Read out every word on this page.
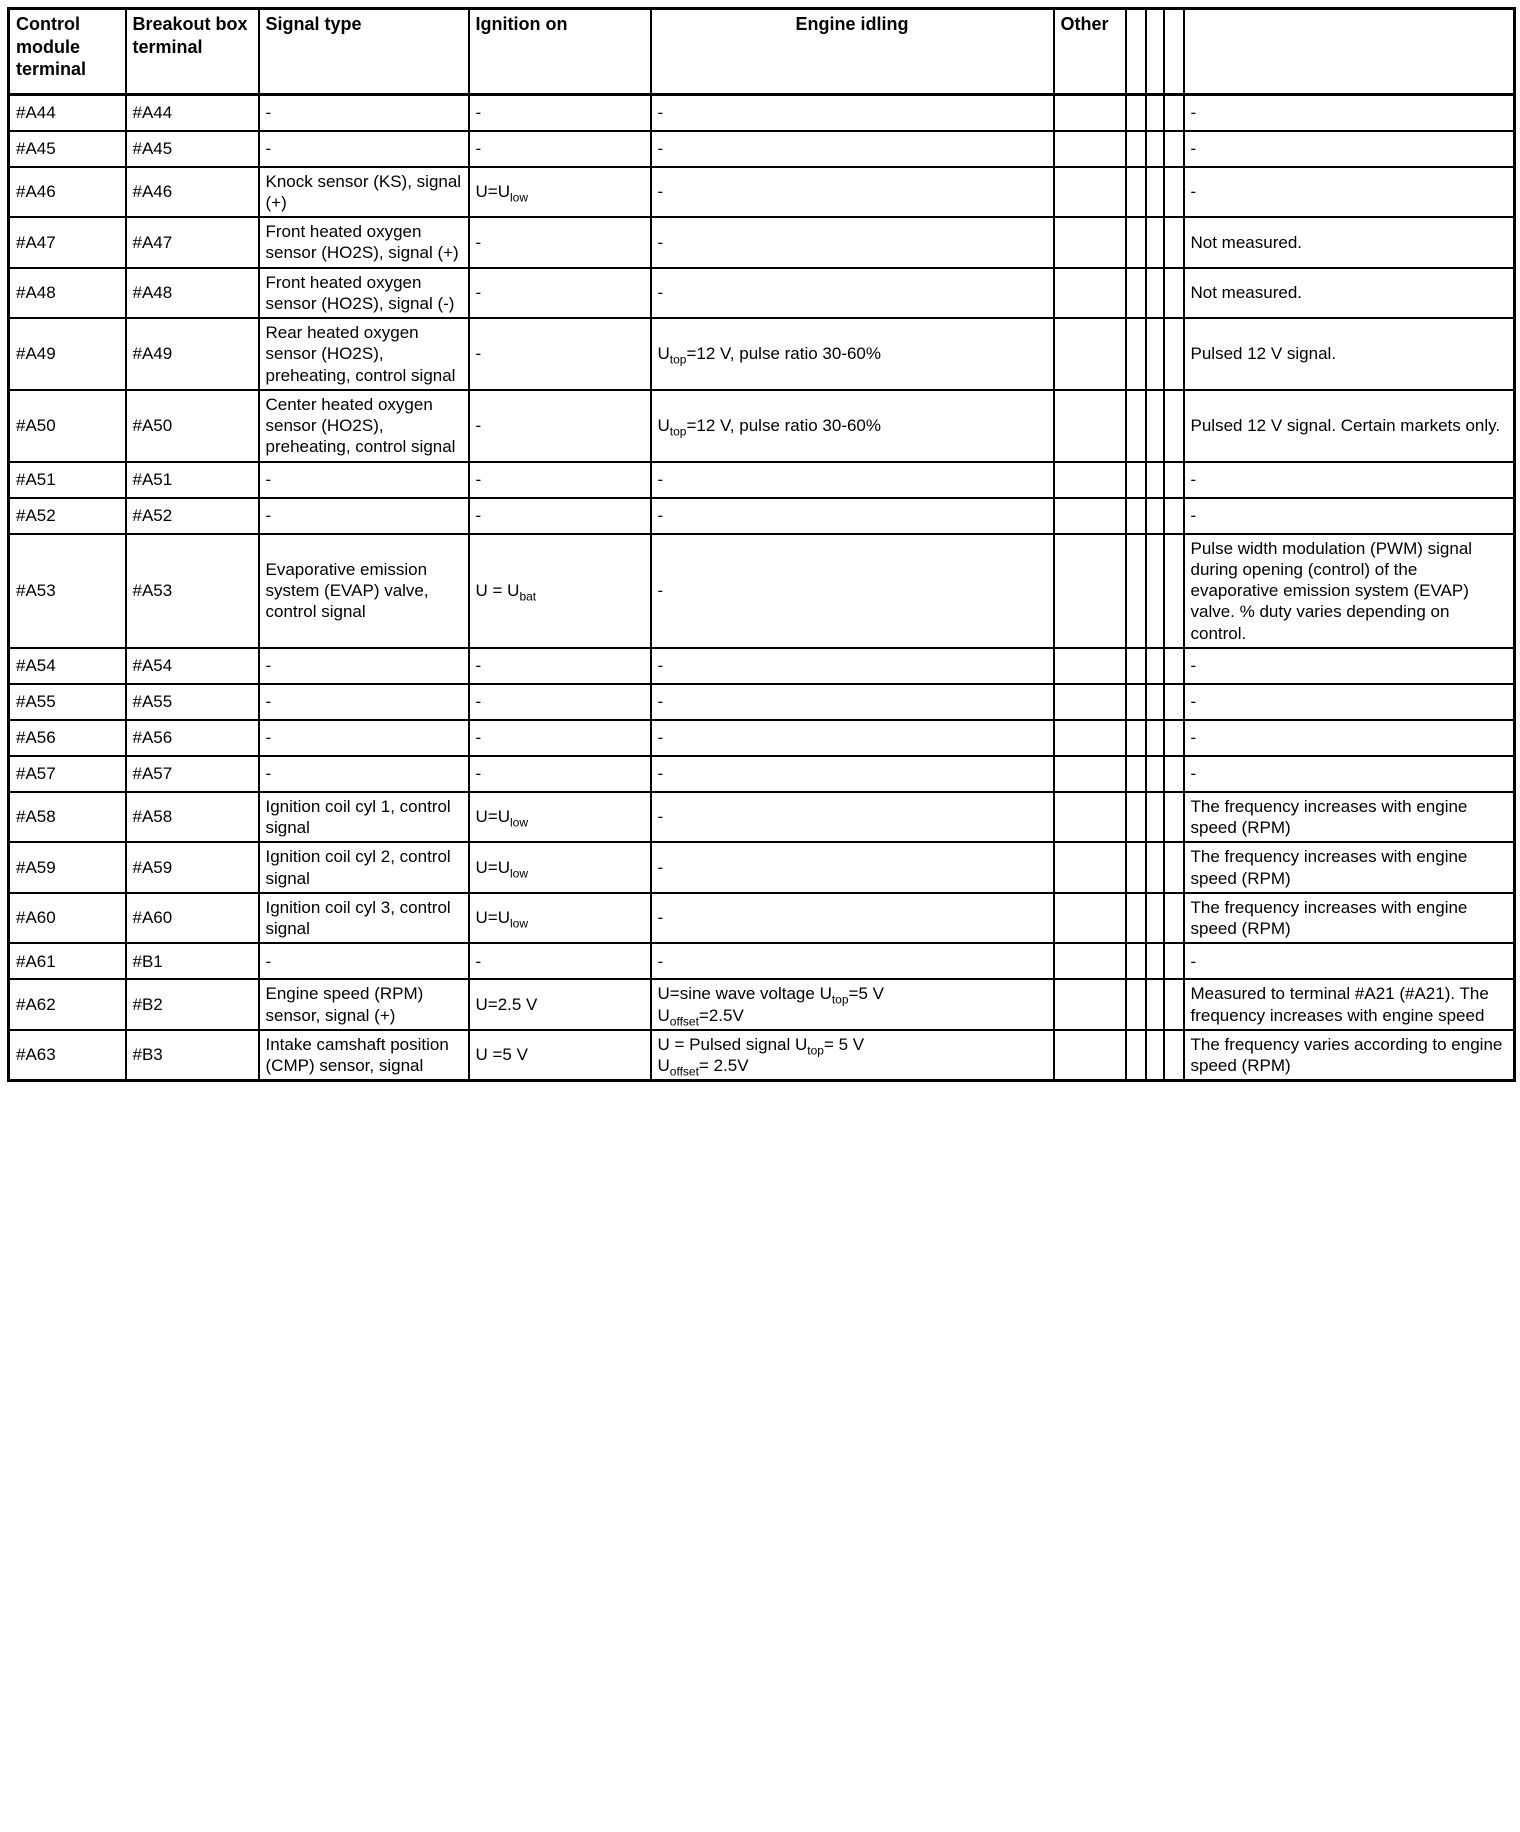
Control module terminal	Breakout box terminal	Signal type	Ignition on	Engine idling	Other				
#A44	#A44	-	-	-					-
#A45	#A45	-	-	-					-
#A46	#A46	Knock sensor (KS), signal (+)	$U=U_{low}$	-					-
#A47	#A47	Front heated oxygen sensor (HO2S), signal (+)	-	-					Not measured.
#A48	#A48	Front heated oxygen sensor (HO2S), signal (-)	-	-					Not measured.
#A49	#A49	Rear heated oxygen sensor (HO2S), preheating, control signal	-	$U_{top}=12$ V, pulse ratio 30-60%					Pulsed 12 V signal.
#A50	#A50	Center heated oxygen sensor (HO2S), preheating, control signal	-	$U_{top}=12$ V, pulse ratio 30-60%					Pulsed 12 V signal. Certain markets only.
#A51	#A51	-	-	-					-
#A52	#A52	-	-	-					-
#A53	#A53	Evaporative emission system (EVAP) valve, control signal	$U = U_{bat}$	-					Pulse width modulation (PWM) signal during opening (control) of the evaporative emission system (EVAP) valve. % duty varies depending on control.
#A54	#A54	-	-	-					-
#A55	#A55	-	-	-					-
#A56	#A56	-	-	-					-
#A57	#A57	-	-	-					-
#A58	#A58	Ignition coil cyl 1, control signal	$U=U_{low}$	-					The frequency increases with engine speed (RPM)
#A59	#A59	Ignition coil cyl 2, control signal	$U=U_{low}$	-					The frequency increases with engine speed (RPM)
#A60	#A60	Ignition coil cyl 3, control signal	$U=U_{low}$	-					The frequency increases with engine speed (RPM)
#A61	#B1	-	-	-					-
#A62	#B2	Engine speed (RPM) sensor, signal (+)	U=2.5 V	U=sine wave voltage $U_{top}=5$ V
$U_{offset}=2.5V$					Measured to terminal #A21 (#A21). The frequency increases with engine speed
#A63	#B3	Intake camshaft position (CMP) sensor, signal	U =5 V	U = Pulsed signal $U_{top}= 5$ V
$U_{offset}= 2.5V$					The frequency varies according to engine speed (RPM)
